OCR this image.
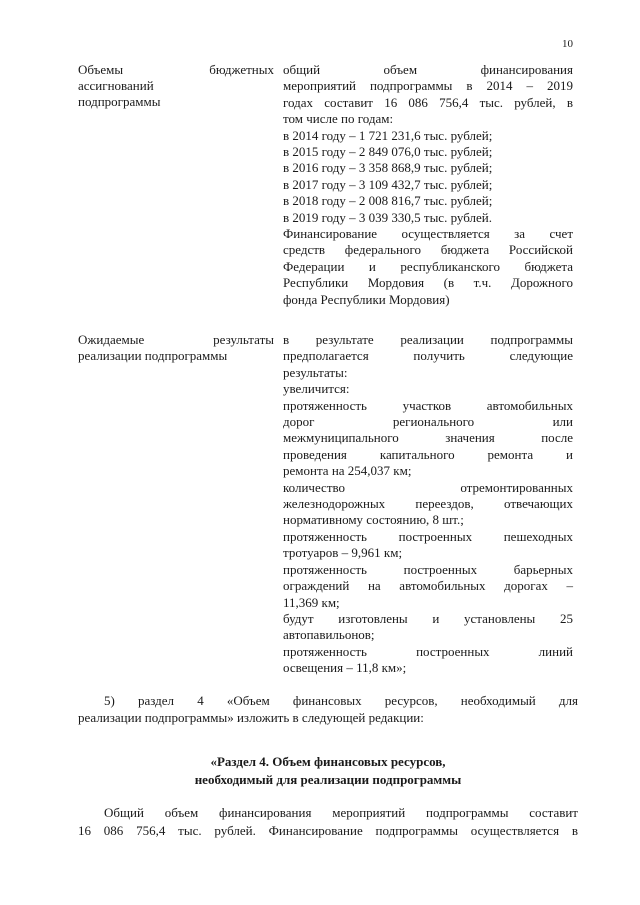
10
Объемы бюджетных
ассигнований
подпрограммы
общий объем финансирования
мероприятий подпрограммы в 2014 – 2019
годах составит 16 086 756,4 тыс. рублей, в
том числе по годам:
в 2014 году – 1 721 231,6 тыс. рублей;
в 2015 году – 2 849 076,0 тыс. рублей;
в 2016 году – 3 358 868,9 тыс. рублей;
в 2017 году – 3 109 432,7 тыс. рублей;
в 2018 году – 2 008 816,7 тыс. рублей;
в 2019 году – 3 039 330,5 тыс. рублей.
Финансирование осуществляется за счет
средств федерального бюджета Российской
Федерации и республиканского бюджета
Республики Мордовия (в т.ч. Дорожного
фонда Республики Мордовия)
Ожидаемые результаты
реализации подпрограммы
в результате реализации подпрограммы
предполагается получить следующие
результаты:
увеличится:
протяженность участков автомобильных
дорог регионального или
межмуниципального значения после
проведения капитального ремонта и
ремонта на 254,037 км;
количество отремонтированных
железнодорожных переездов, отвечающих
нормативному состоянию, 8 шт.;
протяженность построенных пешеходных
тротуаров – 9,961 км;
протяженность построенных барьерных
ограждений на автомобильных дорогах –
11,369 км;
будут изготовлены и установлены 25
автопавильонов;
протяженность построенных линий
освещения – 11,8 км»;
5) раздел 4 «Объем финансовых ресурсов, необходимый для
реализации подпрограммы» изложить в следующей редакции:
«Раздел 4. Объем финансовых ресурсов,
необходимый для реализации подпрограммы
Общий объем финансирования мероприятий подпрограммы составит
16 086 756,4 тыс. рублей. Финансирование подпрограммы осуществляется в
